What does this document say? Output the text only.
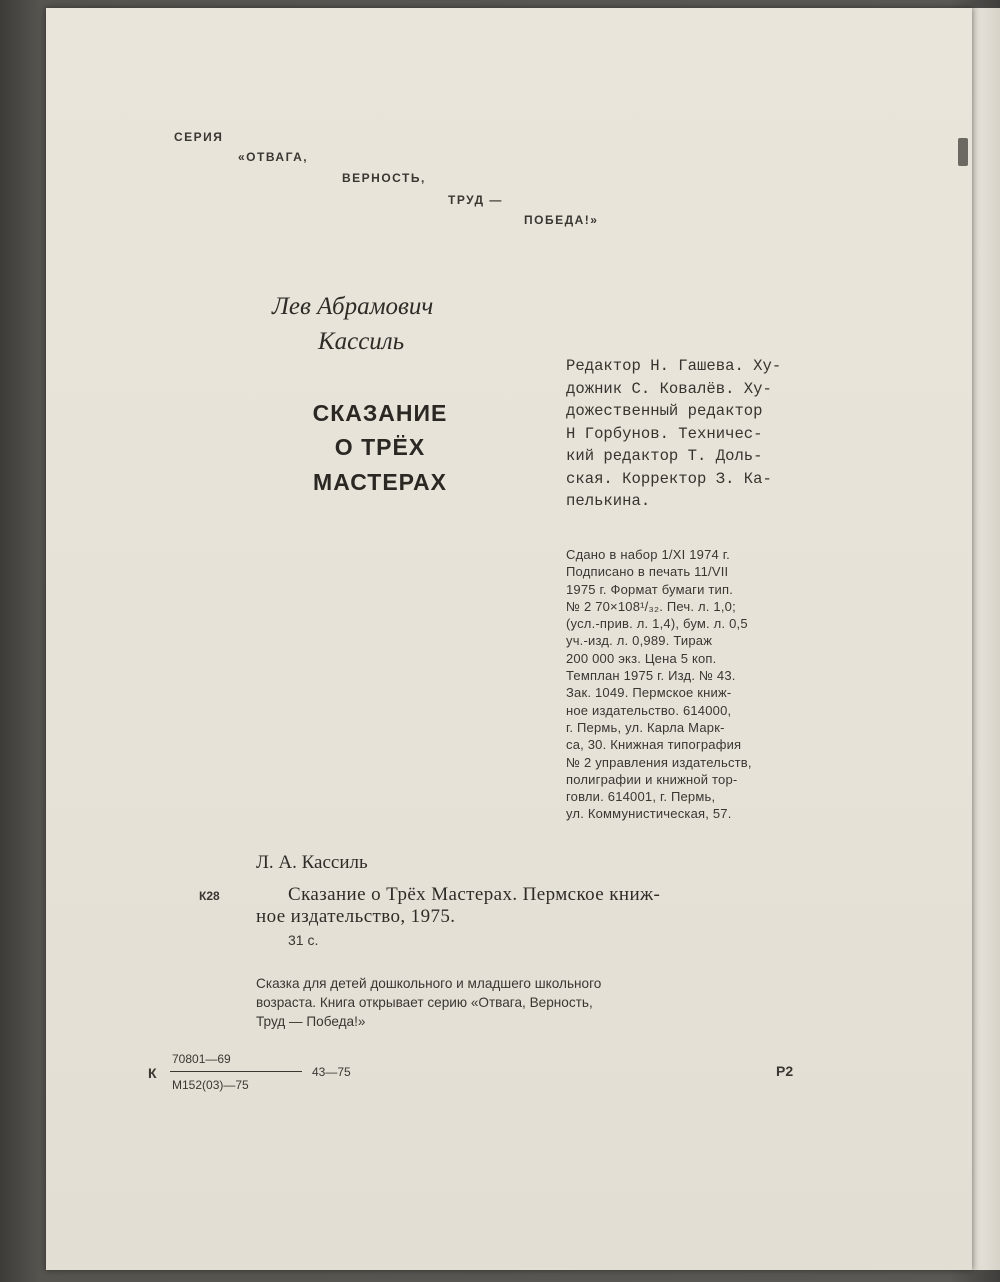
СЕРИЯ

«ОТВАГА,

ВЕРНОСТЬ,

ТРУД —

ПОБЕДА!»

Лев Абрамович

Кассиль

СКАЗАНИЕ

О ТРЁХ

МАСТЕРАХ

Редактор Н. Гашева. Ху-
дожник С. Ковалёв. Ху-
дожественный редактор
Н Горбунов. Техничес-
кий редактор Т. Доль-
ская. Корректор З. Ка-
пелькина.
Сдано в набор 1/XI 1974 г.
Подписано в печать 11/VII
1975 г. Формат бумаги тип.
№ 2 70×108¹/₃₂. Печ. л. 1,0;
(усл.-прив. л. 1,4), бум. л. 0,5
уч.-изд. л. 0,989. Тираж
200 000 экз. Цена 5 коп.
Темплан 1975 г. Изд. № 43.
Зак. 1049. Пермское книж-
ное издательство. 614000,
г. Пермь, ул. Карла Марк-
са, 30. Книжная типография
№ 2 управления издательств,
полиграфии и книжной тор-
говли. 614001, г. Пермь,
ул. Коммунистическая, 57.

Л. А. Кассиль

К28	Сказание о Трёх Мастерах. Пермское книж-

ное издательство, 1975.

31 с.

Сказка для детей дошкольного и младшего школьного
возраста. Книга открывает серию «Отвага, Верность,
Труд — Победа!»

К

70801—69

М152(03)—75

43—75	Р2
